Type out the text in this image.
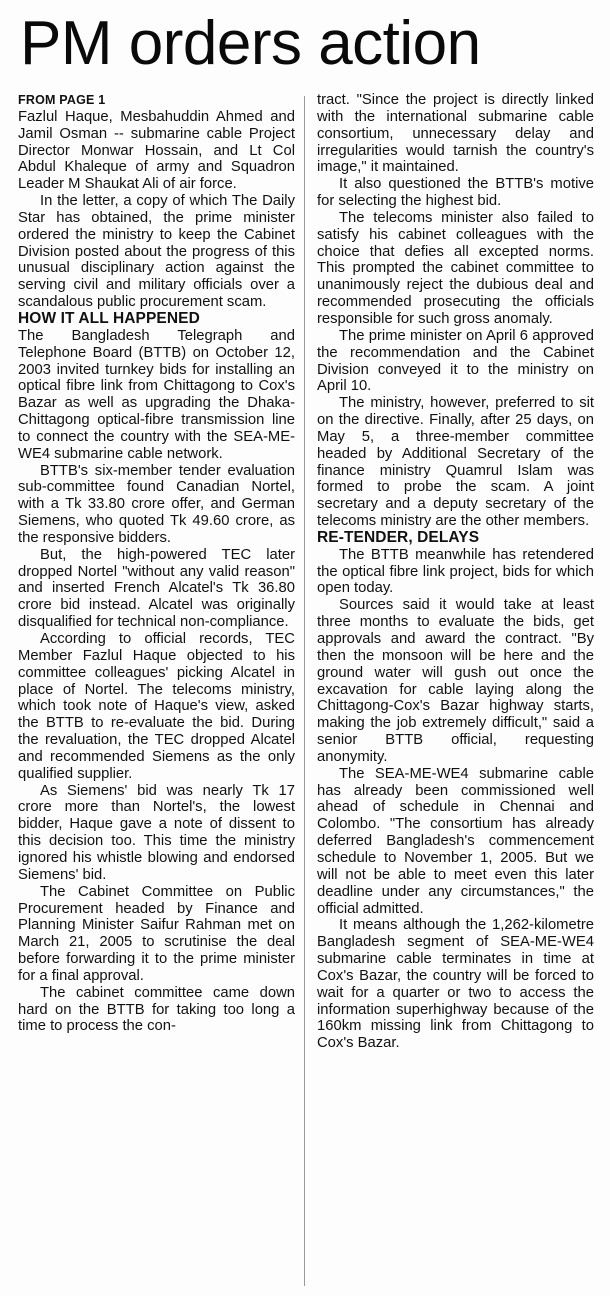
PM orders action
FROM PAGE 1

Fazlul Haque, Mesbahuddin Ahmed and Jamil Osman -- submarine cable Project Director Monwar Hossain, and Lt Col Abdul Khaleque of army and Squadron Leader M Shaukat Ali of air force.

In the letter, a copy of which The Daily Star has obtained, the prime minister ordered the ministry to keep the Cabinet Division posted about the progress of this unusual disciplinary action against the serving civil and military officials over a scandalous public procurement scam.

HOW IT ALL HAPPENED

The Bangladesh Telegraph and Telephone Board (BTTB) on October 12, 2003 invited turnkey bids for installing an optical fibre link from Chittagong to Cox's Bazar as well as upgrading the Dhaka-Chittagong optical-fibre transmission line to connect the country with the SEA-ME-WE4 submarine cable network.

BTTB's six-member tender evaluation sub-committee found Canadian Nortel, with a Tk 33.80 crore offer, and German Siemens, who quoted Tk 49.60 crore, as the responsive bidders.

But, the high-powered TEC later dropped Nortel "without any valid reason" and inserted French Alcatel's Tk 36.80 crore bid instead. Alcatel was originally disqualified for technical non-compliance.

According to official records, TEC Member Fazlul Haque objected to his committee colleagues' picking Alcatel in place of Nortel. The telecoms ministry, which took note of Haque's view, asked the BTTB to re-evaluate the bid. During the revaluation, the TEC dropped Alcatel and recommended Siemens as the only qualified supplier.

As Siemens' bid was nearly Tk 17 crore more than Nortel's, the lowest bidder, Haque gave a note of dissent to this decision too. This time the ministry ignored his whistle blowing and endorsed Siemens' bid.

The Cabinet Committee on Public Procurement headed by Finance and Planning Minister Saifur Rahman met on March 21, 2005 to scrutinise the deal before forwarding it to the prime minister for a final approval.

The cabinet committee came down hard on the BTTB for taking too long a time to process the con-

tract. "Since the project is directly linked with the international submarine cable consortium, unnecessary delay and irregularities would tarnish the country's image," it maintained.

It also questioned the BTTB's motive for selecting the highest bid.

The telecoms minister also failed to satisfy his cabinet colleagues with the choice that defies all excepted norms. This prompted the cabinet committee to unanimously reject the dubious deal and recommended prosecuting the officials responsible for such gross anomaly.

The prime minister on April 6 approved the recommendation and the Cabinet Division conveyed it to the ministry on April 10.

The ministry, however, preferred to sit on the directive. Finally, after 25 days, on May 5, a three-member committee headed by Additional Secretary of the finance ministry Quamrul Islam was formed to probe the scam. A joint secretary and a deputy secretary of the telecoms ministry are the other members.

RE-TENDER, DELAYS

The BTTB meanwhile has retendered the optical fibre link project, bids for which open today.

Sources said it would take at least three months to evaluate the bids, get approvals and award the contract. "By then the monsoon will be here and the ground water will gush out once the excavation for cable laying along the Chittagong-Cox's Bazar highway starts, making the job extremely difficult," said a senior BTTB official, requesting anonymity.

The SEA-ME-WE4 submarine cable has already been commissioned well ahead of schedule in Chennai and Colombo. "The consortium has already deferred Bangladesh's commencement schedule to November 1, 2005. But we will not be able to meet even this later deadline under any circumstances," the official admitted.

It means although the 1,262-kilometre Bangladesh segment of SEA-ME-WE4 submarine cable terminates in time at Cox's Bazar, the country will be forced to wait for a quarter or two to access the information superhighway because of the 160km missing link from Chittagong to Cox's Bazar.
